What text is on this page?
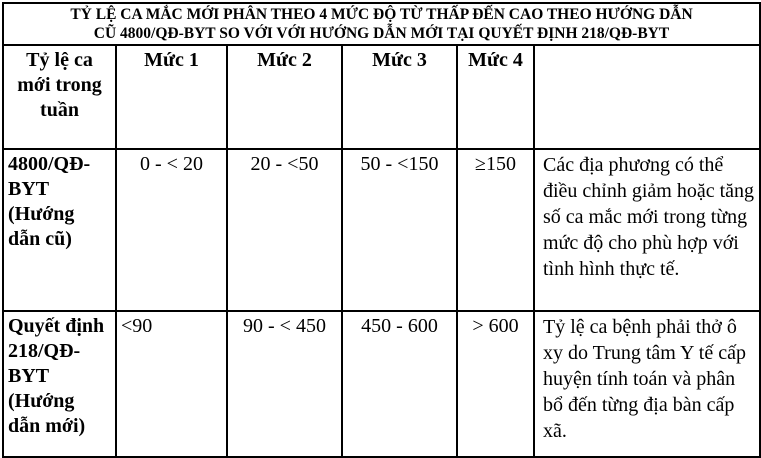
TỶ LỆ CA MẮC MỚI PHÂN THEO 4 MỨC ĐỘ TỪ THẤP ĐẾN CAO THEO HƯỚNG DẪN
CŨ 4800/QĐ-BYT SO VỚI VỚI HƯỚNG DẪN MỚI TẠI QUYẾT ĐỊNH 218/QĐ-BYT					

Tỷ lệ ca mới trong tuần	Mức 1	Mức 2	Mức 3	Mức 4	
4800/QĐ-BYT (Hướng dẫn cũ)	0 - < 20	20 - <50	50 - <150	≥150	Các địa phương có thể điều chỉnh giảm hoặc tăng số ca mắc mới trong từng mức độ cho phù hợp với tình hình thực tế.
Quyết định 218/QĐ-BYT (Hướng dẫn mới)	<90	90 - < 450	450 - 600	> 600	Tỷ lệ ca bệnh phải thở ô xy do Trung tâm Y tế cấp huyện tính toán và phân bổ đến từng địa bàn cấp xã.
